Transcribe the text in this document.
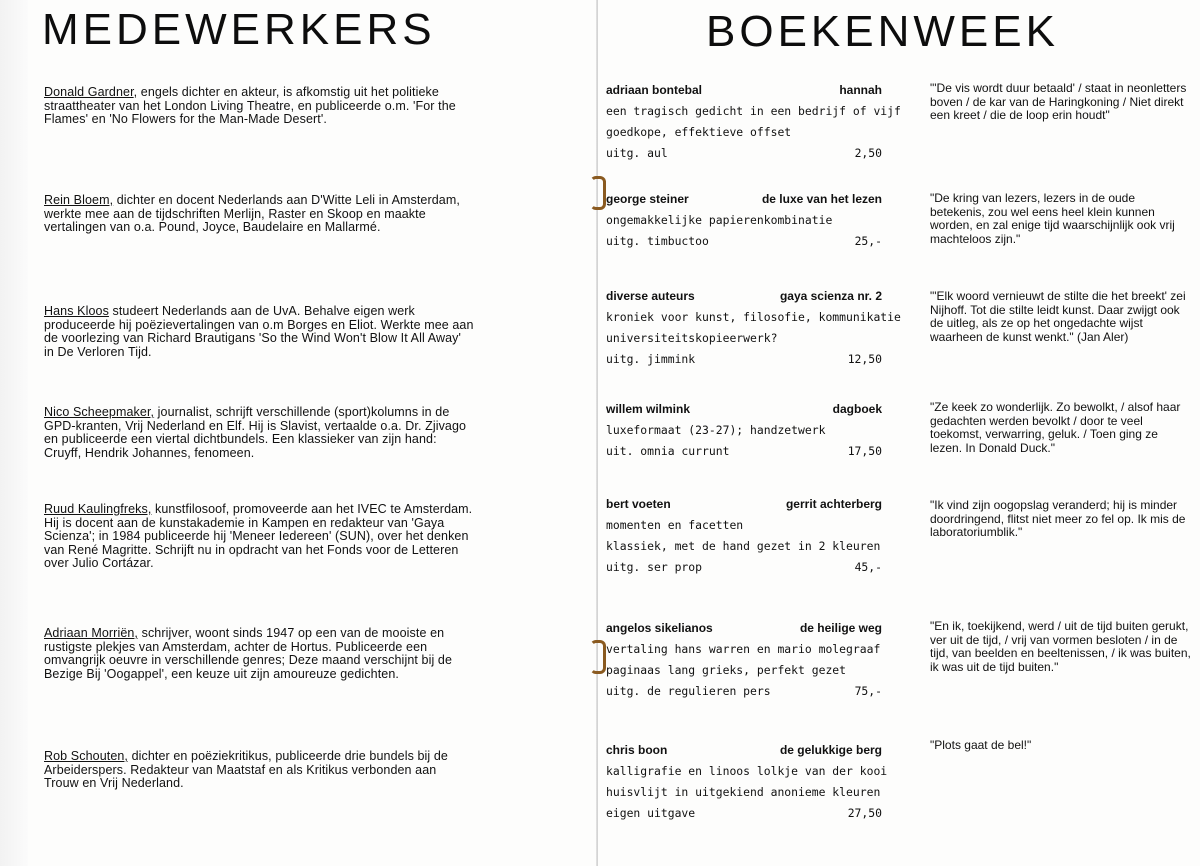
MEDEWERKERS

Donald Gardner, engels dichter en akteur, is afkomstig uit het politieke straattheater van het London Living Theatre, en publiceerde o.m. 'For the Flames' en 'No Flowers for the Man-Made Desert'.

Rein Bloem, dichter en docent Nederlands aan D'Witte Leli in Amsterdam, werkte mee aan de tijdschriften Merlijn, Raster en Skoop en maakte vertalingen van o.a. Pound, Joyce, Baudelaire en Mallarmé.

Hans Kloos studeert Nederlands aan de UvA. Behalve eigen werk produceerde hij poëzievertalingen van o.m Borges en Eliot. Werkte mee aan de voorlezing van Richard Brautigans 'So the Wind Won't Blow It All Away' in De Verloren Tijd.

Nico Scheepmaker, journalist, schrijft verschillende (sport)kolumns in de GPD-kranten, Vrij Nederland en Elf. Hij is Slavist, vertaalde o.a. Dr. Zjivago en publiceerde een viertal dichtbundels. Een klassieker van zijn hand: Cruyff, Hendrik Johannes, fenomeen.

Ruud Kaulingfreks, kunstfilosoof, promoveerde aan het IVEC te Amsterdam. Hij is docent aan de kunstakademie in Kampen en redakteur van 'Gaya Scienza'; in 1984 publiceerde hij 'Meneer Iedereen' (SUN), over het denken van René Magritte. Schrijft nu in opdracht van het Fonds voor de Letteren over Julio Cortázar.

Adriaan Morriën, schrijver, woont sinds 1947 op een van de mooiste en rustigste plekjes van Amsterdam, achter de Hortus. Publiceerde een omvangrijk oeuvre in verschillende genres; Deze maand verschijnt bij de Bezige Bij 'Oogappel', een keuze uit zijn amoureuze gedichten.

Rob Schouten, dichter en poëziekritikus, publiceerde drie bundels bij de Arbeiderspers. Redakteur van Maatstaf en als Kritikus verbonden aan Trouw en Vrij Nederland.

BOEKENWEEK
adriaan bontebal	hannah
een tragisch gedicht in een bedrijf of vijf
goedkope, effektieve offset
uitg. aul	2,50

"'De vis wordt duur betaald' / staat in neonletters boven / de kar van de Haringkoning / Niet direkt een kreet / die de loop erin houdt"

george steiner	de luxe van het lezen
ongemakkelijke papierenkombinatie
uitg. timbuctoo	25,-

"De kring van lezers, lezers in de oude betekenis, zou wel eens heel klein kunnen worden, en zal enige tijd waarschijnlijk ook vrij machteloos zijn."

diverse auteurs	gaya scienza nr. 2
kroniek voor kunst, filosofie, kommunikatie
universiteitskopieerwerk?
uitg. jimmink	12,50

"'Elk woord vernieuwt de stilte die het breekt' zei Nijhoff. Tot die stilte leidt kunst. Daar zwijgt ook de uitleg, als ze op het ongedachte wijst waarheen de kunst wenkt." (Jan Aler)

willem wilmink	dagboek
luxeformaat (23-27); handzetwerk
uit. omnia currunt	17,50

"Ze keek zo wonderlijk. Zo bewolkt, / alsof haar gedachten werden bevolkt / door te veel toekomst, verwarring, geluk. / Toen ging ze lezen. In Donald Duck."

bert voeten	gerrit achterberg
momenten en facetten
klassiek, met de hand gezet in 2 kleuren
uitg. ser prop	45,-

"Ik vind zijn oogopslag veranderd; hij is minder doordringend, flitst niet meer zo fel op. Ik mis de laboratoriumblik."

angelos sikelianos	de heilige weg
vertaling hans warren en mario molegraaf
paginaas lang grieks, perfekt gezet
uitg. de regulieren pers	75,-

"En ik, toekijkend, werd / uit de tijd buiten gerukt, ver uit de tijd, / vrij van vormen besloten / in de tijd, van beelden en beeltenissen, / ik was buiten, ik was uit de tijd buiten."

chris boon	de gelukkige berg
kalligrafie en linoos lolkje van der kooi
huisvlijt in uitgekiend anonieme kleuren
eigen uitgave	27,50

"Plots gaat de bel!"
